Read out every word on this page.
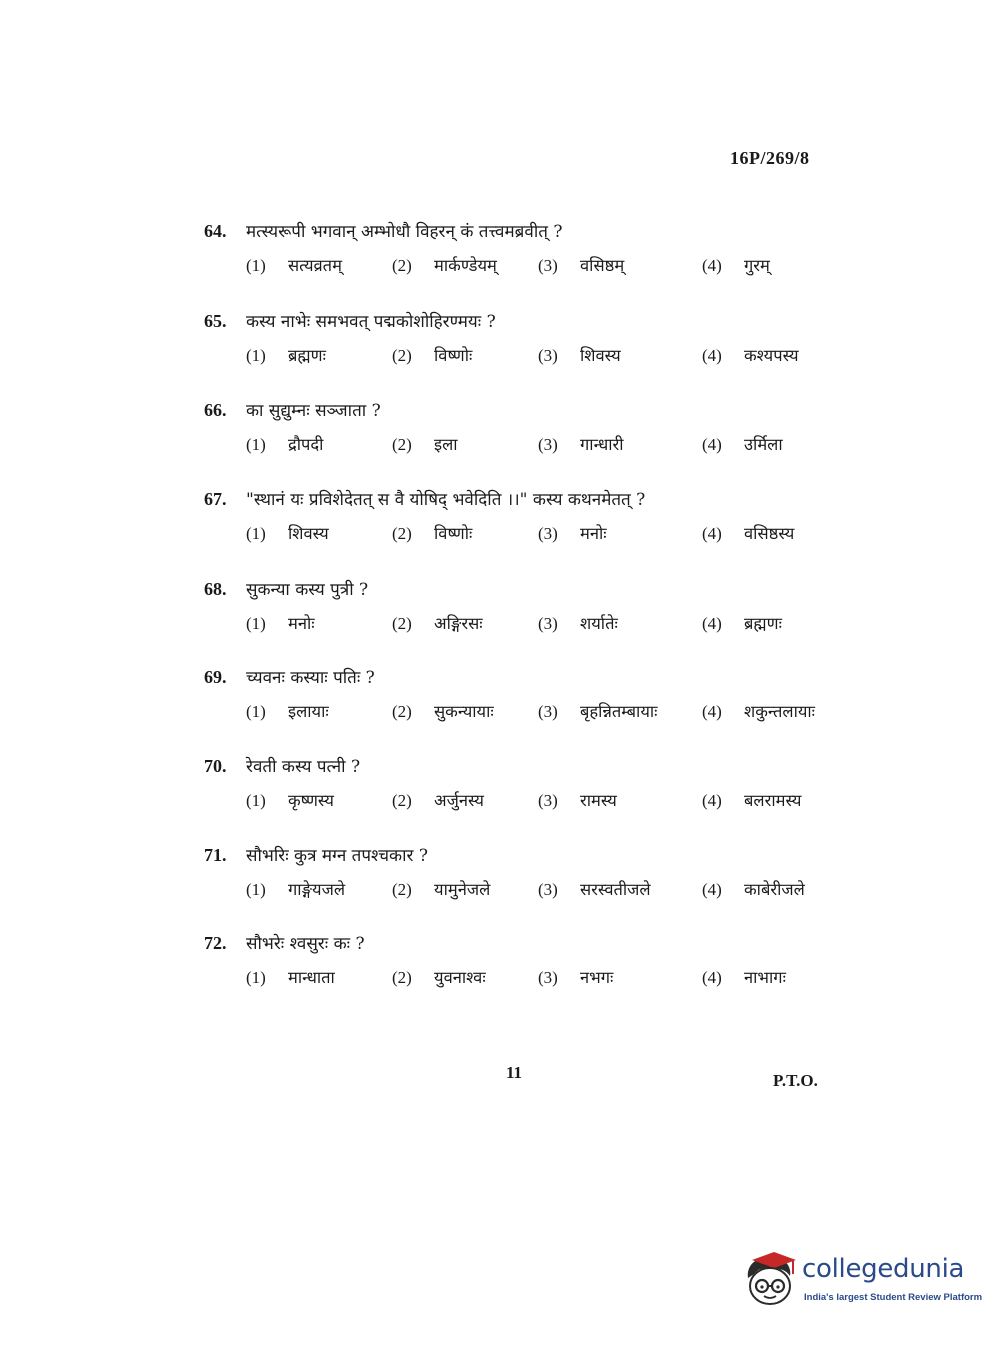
16P/269/8
64. मत्स्यरूपी भगवान् अम्भोधौ विहरन् कं तत्त्वमब्रवीत् ?
(1) सत्यव्रतम्	(2) मार्कण्डेयम् (3) वसिष्ठम्	(4) गुरम्
65. कस्य नाभेः समभवत् पद्मकोशोहिरण्मयः ?
(1) ब्रह्मणः	(2) विष्णोः	(3) शिवस्य	(4) कश्यपस्य
66. का सुद्युम्नः सञ्जाता ?
(1) द्रौपदी	(2) इला	(3) गान्धारी	(4) उर्मिला
67. "स्थानं यः प्रविशेदेतत् स वै योषिद् भवेदिति ।।" कस्य कथनमेतत् ?
(1) शिवस्य	(2) विष्णोः	(3) मनोः	(4) वसिष्ठस्य
68. सुकन्या कस्य पुत्री ?
(1) मनोः	(2) अङ्गिरसः	(3) शर्यातेः	(4) ब्रह्मणः
69. च्यवनः कस्याः पतिः ?
(1) इलायाः	(2) सुकन्यायाः	(3) बृहन्नितम्बायाः	(4) शकुन्तलायाः
70. रेवती कस्य पत्नी ?
(1) कृष्णस्य	(2) अर्जुनस्य	(3) रामस्य	(4) बलरामस्य
71. सौभरिः कुत्र मग्न तपश्चकार ?
(1) गाङ्गेयजले	(2) यामुनेजले	(3) सरस्वतीजले	(4) काबेरीजले
72. सौभरेः श्वसुरः कः ?
(1) मान्धाता	(2) युवनाश्वः	(3) नभगः	(4) नाभागः
11	P.T.O.
collegedunia
India's largest Student Review Platform
